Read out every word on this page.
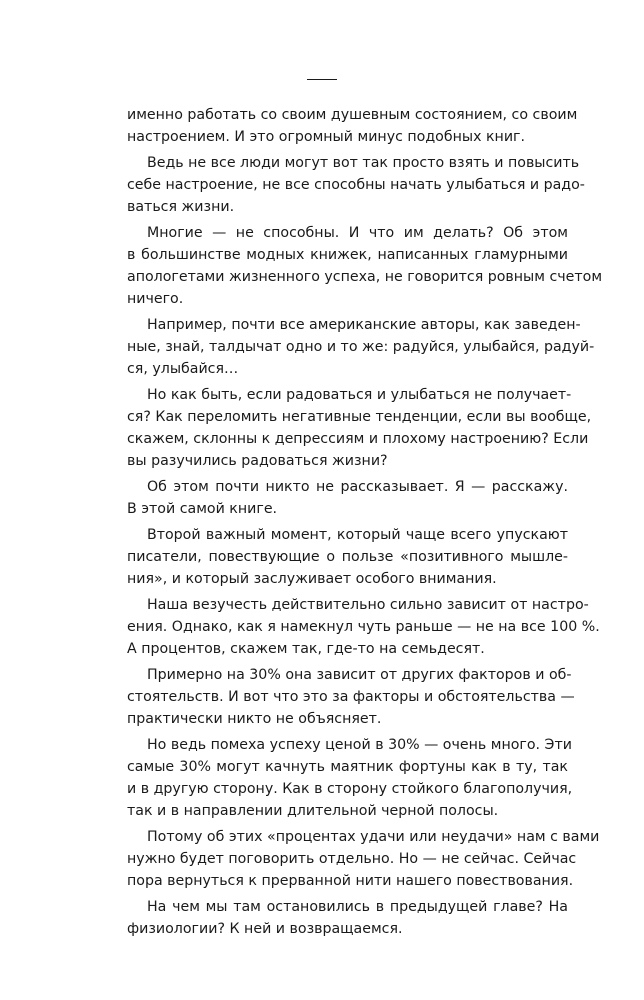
именно работать со своим душевным состоянием, со своим
настроением. И это огромный минус подобных книг.

Ведь не все люди могут вот так просто взять и повысить
себе настроение, не все способны начать улыбаться и радо-
ваться жизни.

Многие — не способны. И что им делать? Об этом
в большинстве модных книжек, написанных гламурными
апологетами жизненного успеха, не говорится ровным счетом
ничего.

Например, почти все американские авторы, как заведен-
ные, знай, талдычат одно и то же: радуйся, улыбайся, радуй-
ся, улыбайся…

Но как быть, если радоваться и улыбаться не получает-
ся? Как переломить негативные тенденции, если вы вообще,
скажем, склонны к депрессиям и плохому настроению? Если
вы разучились радоваться жизни?

Об этом почти никто не рассказывает. Я — расскажу.
В этой самой книге.

Второй важный момент, который чаще всего упускают
писатели, повествующие о пользе «позитивного мышле-
ния», и который заслуживает особого внимания.

Наша везучесть действительно сильно зависит от настро-
ения. Однако, как я намекнул чуть раньше — не на все 100 %.
А процентов, скажем так, где-то на семьдесят.

Примерно на 30% она зависит от других факторов и об-
стоятельств. И вот что это за факторы и обстоятельства —
практически никто не объясняет.

Но ведь помеха успеху ценой в 30% — очень много. Эти
самые 30% могут качнуть маятник фортуны как в ту, так
и в другую сторону. Как в сторону стойкого благополучия,
так и в направлении длительной черной полосы.

Потому об этих «процентах удачи или неудачи» нам с вами
нужно будет поговорить отдельно. Но — не сейчас. Сейчас
пора вернуться к прерванной нити нашего повествования.

На чем мы там остановились в предыдущей главе? На
физиологии? К ней и возвращаемся.
